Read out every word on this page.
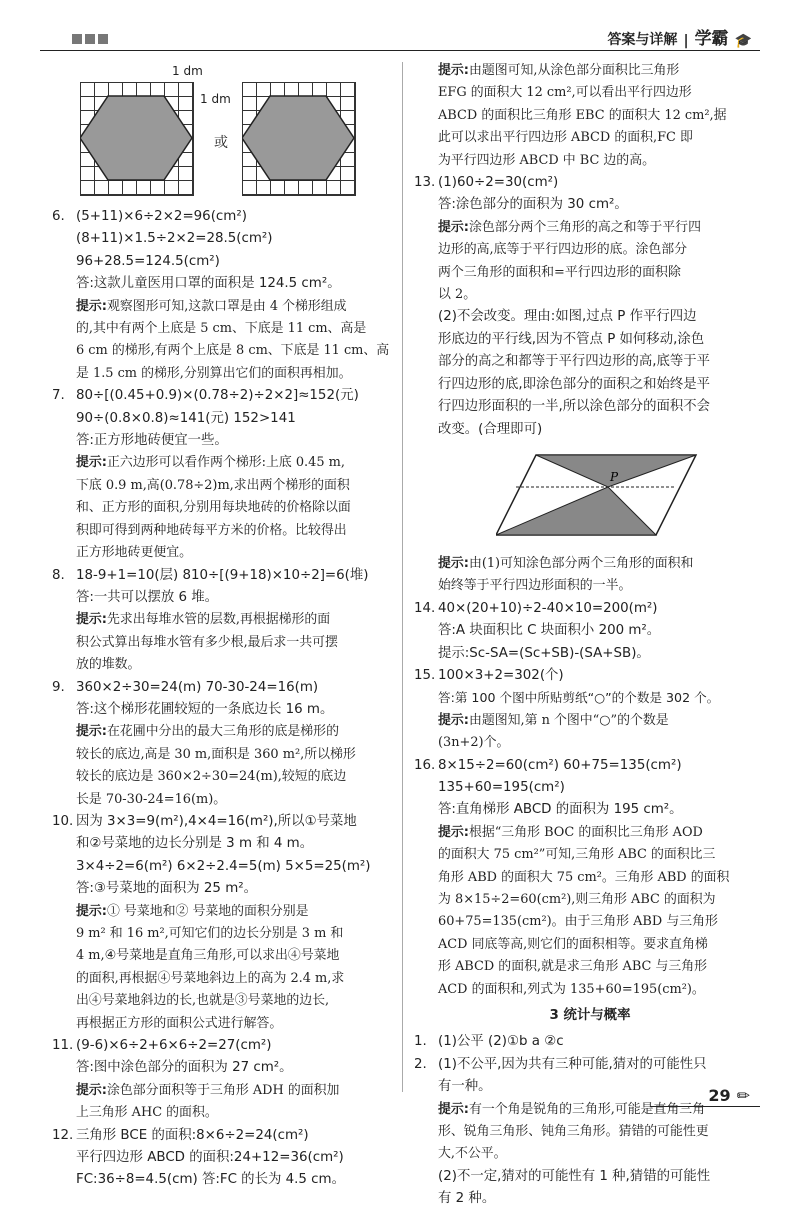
答案与详解 | 学霸 🎓
1 dm
1 dm
或
6. (5+11)×6÷2×2=96(cm²)
(8+11)×1.5÷2×2=28.5(cm²)
96+28.5=124.5(cm²)
答:这款儿童医用口罩的面积是 124.5 cm²。
提示:观察图形可知,这款口罩是由 4 个梯形组成
的,其中有两个上底是 5 cm、下底是 11 cm、高是
6 cm 的梯形,有两个上底是 8 cm、下底是 11 cm、高
是 1.5 cm 的梯形,分别算出它们的面积再相加。
7. 80÷[(0.45+0.9)×(0.78÷2)÷2×2]≈152(元)
90÷(0.8×0.8)≈141(元) 152>141
答:正方形地砖便宜一些。
提示:正六边形可以看作两个梯形:上底 0.45 m,
下底 0.9 m,高(0.78÷2)m,求出两个梯形的面积
和、正方形的面积,分别用每块地砖的价格除以面
积即可得到两种地砖每平方米的价格。比较得出
正方形地砖更便宜。
8. 18-9+1=10(层) 810÷[(9+18)×10÷2]=6(堆)
答:一共可以摆放 6 堆。
提示:先求出每堆水管的层数,再根据梯形的面
积公式算出每堆水管有多少根,最后求一共可摆
放的堆数。
9. 360×2÷30=24(m) 70-30-24=16(m)
答:这个梯形花圃较短的一条底边长 16 m。
提示:在花圃中分出的最大三角形的底是梯形的
较长的底边,高是 30 m,面积是 360 m²,所以梯形
较长的底边是 360×2÷30=24(m),较短的底边
长是 70-30-24=16(m)。
10. 因为 3×3=9(m²),4×4=16(m²),所以①号菜地
和②号菜地的边长分别是 3 m 和 4 m。
3×4÷2=6(m²) 6×2÷2.4=5(m) 5×5=25(m²)
答:③号菜地的面积为 25 m²。
提示:① 号菜地和② 号菜地的面积分别是
9 m² 和 16 m²,可知它们的边长分别是 3 m 和
4 m,④号菜地是直角三角形,可以求出④号菜地
的面积,再根据④号菜地斜边上的高为 2.4 m,求
出④号菜地斜边的长,也就是③号菜地的边长,
再根据正方形的面积公式进行解答。
11. (9-6)×6÷2+6×6÷2=27(cm²)
答:图中涂色部分的面积为 27 cm²。
提示:涂色部分面积等于三角形 ADH 的面积加
上三角形 AHC 的面积。
12. 三角形 BCE 的面积:8×6÷2=24(cm²)
平行四边形 ABCD 的面积:24+12=36(cm²)
FC:36÷8=4.5(cm) 答:FC 的长为 4.5 cm。
提示:由题图可知,从涂色部分面积比三角形
EFG 的面积大 12 cm²,可以看出平行四边形
ABCD 的面积比三角形 EBC 的面积大 12 cm²,据
此可以求出平行四边形 ABCD 的面积,FC 即
为平行四边形 ABCD 中 BC 边的高。
13. (1)60÷2=30(cm²)
答:涂色部分的面积为 30 cm²。
提示:涂色部分两个三角形的高之和等于平行四
边形的高,底等于平行四边形的底。涂色部分
两个三角形的面积和=平行四边形的面积除
以 2。
(2)不会改变。理由:如图,过点 P 作平行四边
形底边的平行线,因为不管点 P 如何移动,涂色
部分的高之和都等于平行四边形的高,底等于平
行四边形的底,即涂色部分的面积之和始终是平
行四边形面积的一半,所以涂色部分的面积不会
改变。(合理即可)
P
提示:由(1)可知涂色部分两个三角形的面积和
始终等于平行四边形面积的一半。
14. 40×(20+10)÷2-40×10=200(m²)
答:A 块面积比 C 块面积小 200 m²。
提示:Sc-SA=(Sc+SB)-(SA+SB)。
15. 100×3+2=302(个)
答:第 100 个图中所贴剪纸“○”的个数是 302 个。
提示:由题图知,第 n 个图中“○”的个数是
(3n+2)个。
16. 8×15÷2=60(cm²) 60+75=135(cm²)
135+60=195(cm²)
答:直角梯形 ABCD 的面积为 195 cm²。
提示:根据“三角形 BOC 的面积比三角形 AOD
的面积大 75 cm²”可知,三角形 ABC 的面积比三
角形 ABD 的面积大 75 cm²。三角形 ABD 的面积
为 8×15÷2=60(cm²),则三角形 ABC 的面积为
60+75=135(cm²)。由于三角形 ABD 与三角形
ACD 同底等高,则它们的面积相等。要求直角梯
形 ABCD 的面积,就是求三角形 ABC 与三角形
ACD 的面积和,列式为 135+60=195(cm²)。
3 统计与概率
1. (1)公平 (2)①b a ②c
2. (1)不公平,因为共有三种可能,猜对的可能性只
有一种。
提示:有一个角是锐角的三角形,可能是直角三角
形、锐角三角形、钝角三角形。猜错的可能性更
大,不公平。
(2)不一定,猜对的可能性有 1 种,猜错的可能性
有 2 种。
29 ✏
